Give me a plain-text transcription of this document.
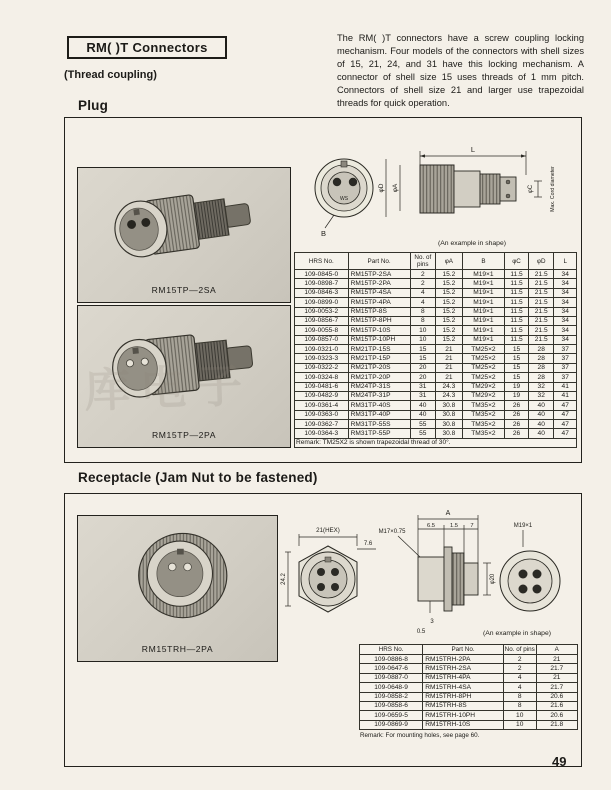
RM( )T Connectors
(Thread coupling)

The RM( )T connectors have a screw coupling locking mechanism. Four models of the connectors with shell sizes of 15, 21, 24, and 31 have this locking mechanism. A connector of shell size 15 uses threads of 1 mm pitch. Connectors of shell size 21 and larger use trapezoidal threads for quick operation.

Plug
RM15TP—2SA
RM15TP—2PA
WS
B
φD φA
L
φC	Max. Cord diameter
(An example in shape)
HRS No.	Part No.	No. of pins	φA	B	φC	φD	L
109-0845-0	RM15TP-2SA	2	15.2	M19×1	11.5	21.5	34
109-0898-7	RM15TP-2PA	2	15.2	M19×1	11.5	21.5	34
109-0846-3	RM15TP-4SA	4	15.2	M19×1	11.5	21.5	34
109-0899-0	RM15TP-4PA	4	15.2	M19×1	11.5	21.5	34
109-0053-2	RM15TP-8S	8	15.2	M19×1	11.5	21.5	34
109-0856-7	RM15TP-8PH	8	15.2	M19×1	11.5	21.5	34
109-0055-8	RM15TP-10S	10	15.2	M19×1	11.5	21.5	34
109-0857-0	RM15TP-10PH	10	15.2	M19×1	11.5	21.5	34
109-0321-0	RM21TP-15S	15	21	TM25×2	15	28	37
109-0323-3	RM21TP-15P	15	21	TM25×2	15	28	37
109-0322-2	RM21TP-20S	20	21	TM25×2	15	28	37
109-0324-8	RM21TP-20P	20	21	TM25×2	15	28	37
109-0481-6	RM24TP-31S	31	24.3	TM29×2	19	32	41
109-0482-9	RM24TP-31P	31	24.3	TM29×2	19	32	41
109-0361-4	RM31TP-40S	40	30.8	TM35×2	26	40	47
109-0363-0	RM31TP-40P	40	30.8	TM35×2	26	40	47
109-0362-7	RM31TP-55S	55	30.8	TM35×2	26	40	47
109-0364-3	RM31TP-55P	55	30.8	TM35×2	26	40	47
Remark: TM25X2 is shown trapezoidal thread of 30°.							
Receptacle (Jam Nut to be fastened)
RM15TRH—2PA
21(HEX)
7.6
24.2
M17×0.75
A
6.5	1.5 7
φ20
3
0.5
M19×1
(An example in shape)
HRS No.	Part No.	No. of pins	A
109-0886-8	RM15TRH-2PA	2	21
109-0647-6	RM15TRH-2SA	2	21.7
109-0887-0	RM15TRH-4PA	4	21
109-0648-9	RM15TRH-4SA	4	21.7
109-0858-2	RM15TRH-8PH	8	20.6
109-0858-6	RM15TRH-8S	8	21.6
109-0659-5	RM15TRH-10PH	10	20.6
109-0869-9	RM15TRH-10S	10	21.8
Remark: For mounting holes, see page 60.
49
